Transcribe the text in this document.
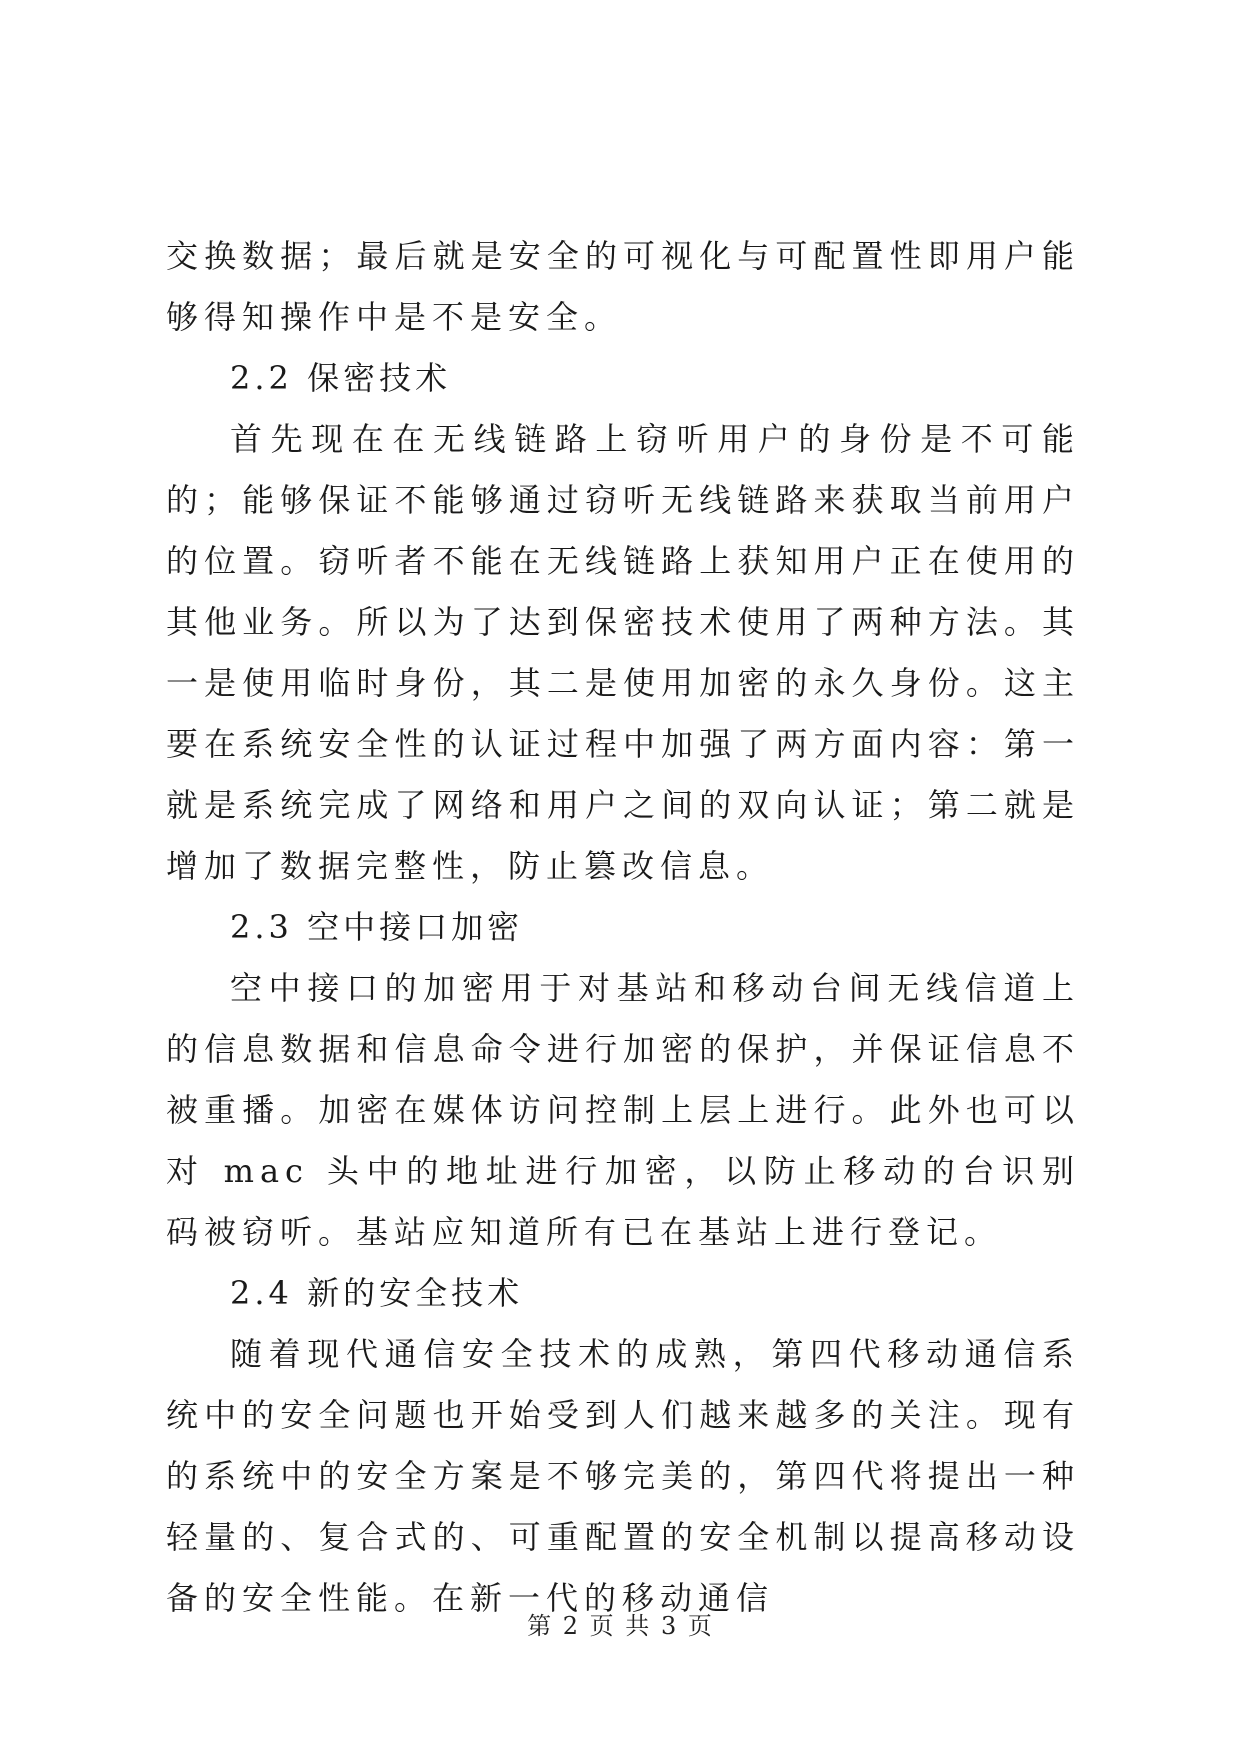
交换数据；最后就是安全的可视化与可配置性即用户能够得知操作中是不是安全。

2.2 保密技术

首先现在在无线链路上窃听用户的身份是不可能的；能够保证不能够通过窃听无线链路来获取当前用户的位置。窃听者不能在无线链路上获知用户正在使用的其他业务。所以为了达到保密技术使用了两种方法。其一是使用临时身份，其二是使用加密的永久身份。这主要在系统安全性的认证过程中加强了两方面内容：第一就是系统完成了网络和用户之间的双向认证；第二就是增加了数据完整性，防止篡改信息。

2.3 空中接口加密

空中接口的加密用于对基站和移动台间无线信道上的信息数据和信息命令进行加密的保护，并保证信息不被重播。加密在媒体访问控制上层上进行。此外也可以对 mac 头中的地址进行加密，以防止移动的台识别码被窃听。基站应知道所有已在基站上进行登记。

2.4 新的安全技术

随着现代通信安全技术的成熟，第四代移动通信系统中的安全问题也开始受到人们越来越多的关注。现有的系统中的安全方案是不够完美的，第四代将提出一种轻量的、复合式的、可重配置的安全机制以提高移动设备的安全性能。在新一代的移动通信

第 2 页 共 3 页
